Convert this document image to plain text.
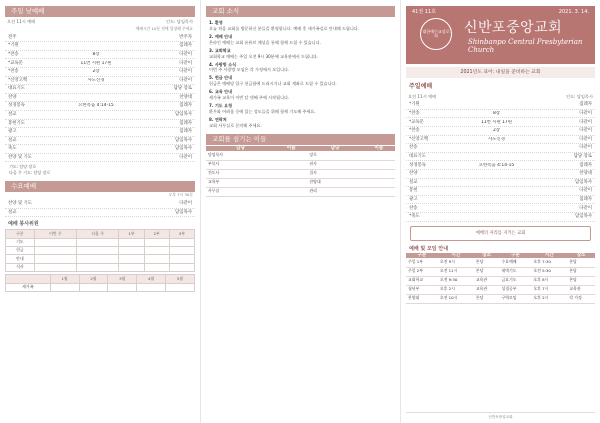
주일 낮예배
오전 11시 예배	인도: 담임목사
예배시간 10분 전에 입장해 주세요
전주	반주자
*기원	집례자
*찬송	8장	다같이
*교독문	11번 시편 17편	다같이
*찬송	2장	다같이
*신앙고백	사도신경	다같이
대표기도	담당 장로
찬양	찬양대
성경봉독	요한복음 4:14-15	집례자
설교	담임목사
봉헌기도	집례자
광고	집례자
설교	담임목사
축도	담임목사
찬양 및 기도	다같이
기도: 담당 장로
다음 주 기도: 담당 장로
수요예배
오후 7시 30분
찬양 및 기도	다같이
설교	담임목사
예배 봉사위원
구분	이번 주	다음 주	1부	2부	3부
기도					
헌금					
안내					
식사					
	1월	2월	3월	4월	5월
새가족					
교회 소식
1. 환영
오늘 처음 교회를 방문하신 분들을 환영합니다. 예배 후 새가족실로 안내해 드립니다.
2. 예배 안내
온라인 예배는 교회 유튜브 채널을 통해 함께 드릴 수 있습니다.
3. 교회학교
교회학교 예배는 주일 오전 9시 30분에 교육관에서 드립니다.
4. 사랑방 소식
이번 주 사랑방 모임은 각 가정에서 모입니다.
5. 헌금 안내
헌금은 예배당 입구 헌금함에 드리시거나 교회 계좌로 드릴 수 있습니다.
6. 교육 안내
새가족 교육이 이번 달 넷째 주에 시작됩니다.
7. 기도 요청
환우와 어려움 중에 있는 성도들을 위해 함께 기도해 주세요.
8. 연락처
교회 사무실로 문의해 주세요.
교회를 섬기는 이들
담당	이름	담당	이름
담임목사		장로	
부목사		권사	
전도사		집사	
교육부		찬양대	
사무실		관리	
41권 11호	2021. 3. 14.
대한예수교장로회	신반포중앙교회
Shinbanpo Central Presbyterian Church
2021년도 표어: 내일을 준비하는 교회
주일예배
오전 11시 예배	인도: 담임목사
*기원	집례자
*찬송	8장	다같이
*교독문	11번 시편 17편	다같이
*찬송	2장	다같이
*신앙고백	사도신경	다같이
찬송	다같이
대표기도	담당 장로
성경봉독	요한복음 4:14-15	집례자
찬양	찬양대
설교	담임목사
봉헌	다같이
광고	집례자
찬송	다같이
*축도	담임목사
예배의 자리를 지키는 교회
예배 및 모임 안내
구분	시간	장소	구분	시간	장소
주일 1부	오전 9시	본당	수요예배	오후 7:30	본당
주일 2부	오전 11시	본당	새벽기도	오전 5:30	본당
교회학교	오전 9:30	교육관	금요기도	오후 8시	본당
청년부	오후 2시	교육관	성경공부	오후 7시	교육관
찬양대	오전 10시	본당	구역모임	오후 2시	각 가정
신반포중앙교회
